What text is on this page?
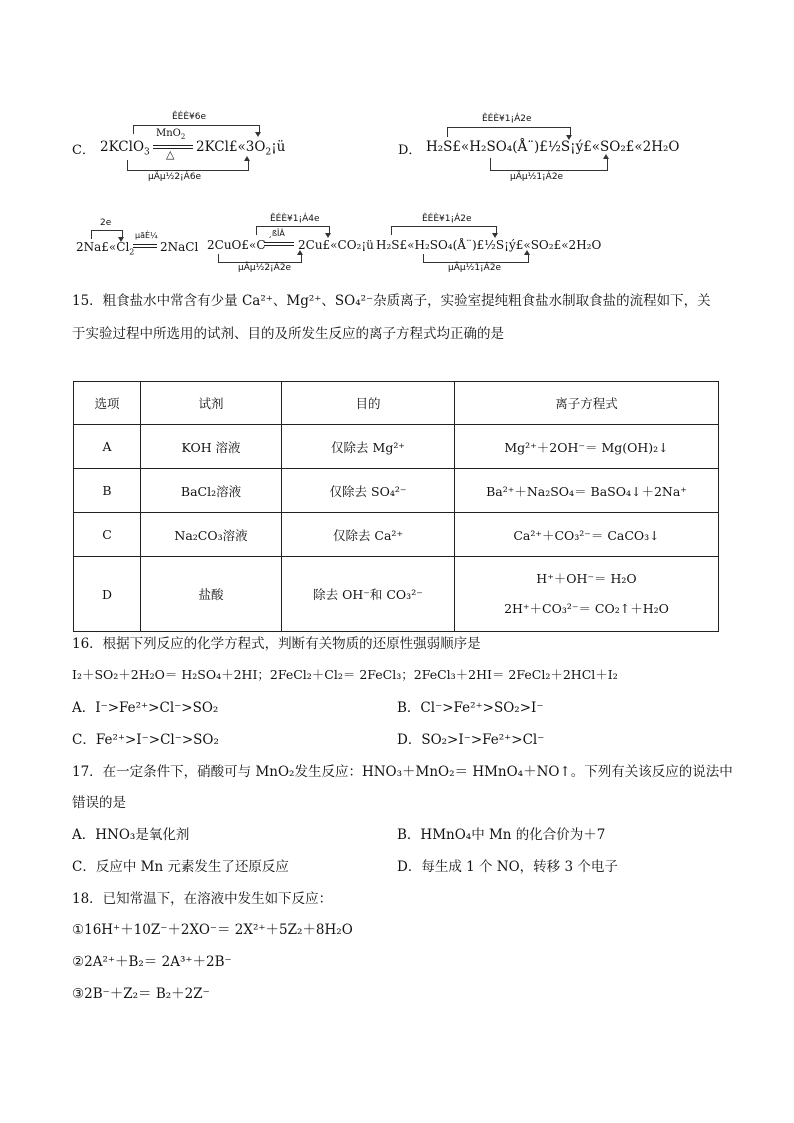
ÊÉÈ¥6e
C． 2KClO$_3$
MnO$_2$
△ $2KCl£«3O_2¡ü$
µÃµ½2¡Á6e
ÊÉÈ¥1¡Á2e
D． H₂S£«H₂SO₄(Å¨)£½S¡ý£«SO₂£«2H₂O
µÃµ½1¡Á2e
2e
$2Na£«Cl_2$
µãÈ¼
2NaCl
ÊÉÈ¥1¡Á4e
2CuO£«C
¸ßÎÂ
2Cu£«CO₂¡ü
µÃµ½2¡Á2e
ÊÉÈ¥1¡Á2e
H₂S£«H₂SO₄(Å¨)£½S¡ý£«SO₂£«2H₂O
µÃµ½1¡Á2e
15．粗食盐水中常含有少量 Ca²⁺、Mg²⁺、SO₄²⁻杂质离子，实验室提纯粗食盐水制取食盐的流程如下，关
于实验过程中所选用的试剂、目的及所发生反应的离子方程式均正确的是
选项	试剂	目的	离子方程式
A	KOH 溶液	仅除去 Mg²⁺	Mg²⁺＋2OH⁻＝ Mg(OH)₂↓
B	BaCl₂溶液	仅除去 SO₄²⁻	Ba²⁺＋Na₂SO₄＝ BaSO₄↓＋2Na⁺
C	Na₂CO₃溶液	仅除去 Ca²⁺	Ca²⁺＋CO₃²⁻＝ CaCO₃↓
D	盐酸	除去 OH⁻和 CO₃²⁻	H⁺＋OH⁻＝ H₂O
2H⁺＋CO₃²⁻＝ CO₂↑＋H₂O
16．根据下列反应的化学方程式，判断有关物质的还原性强弱顺序是
I₂＋SO₂＋2H₂O＝ H₂SO₄＋2HI；2FeCl₂＋Cl₂＝ 2FeCl₃；2FeCl₃＋2HI＝ 2FeCl₂＋2HCl＋I₂
A．I⁻>Fe²⁺>Cl⁻>SO₂	B．Cl⁻>Fe²⁺>SO₂>I⁻
C．Fe²⁺>I⁻>Cl⁻>SO₂	D．SO₂>I⁻>Fe²⁺>Cl⁻
17．在一定条件下，硝酸可与 MnO₂发生反应：HNO₃＋MnO₂＝ HMnO₄＋NO↑。下列有关该反应的说法中
错误的是
A．HNO₃是氧化剂	B．HMnO₄中 Mn 的化合价为＋7
C．反应中 Mn 元素发生了还原反应	D．每生成 1 个 NO，转移 3 个电子
18．已知常温下，在溶液中发生如下反应：
①16H⁺＋10Z⁻＋2XO⁻＝ 2X²⁺＋5Z₂＋8H₂O
②2A²⁺＋B₂＝ 2A³⁺＋2B⁻
③2B⁻＋Z₂＝ B₂＋2Z⁻
